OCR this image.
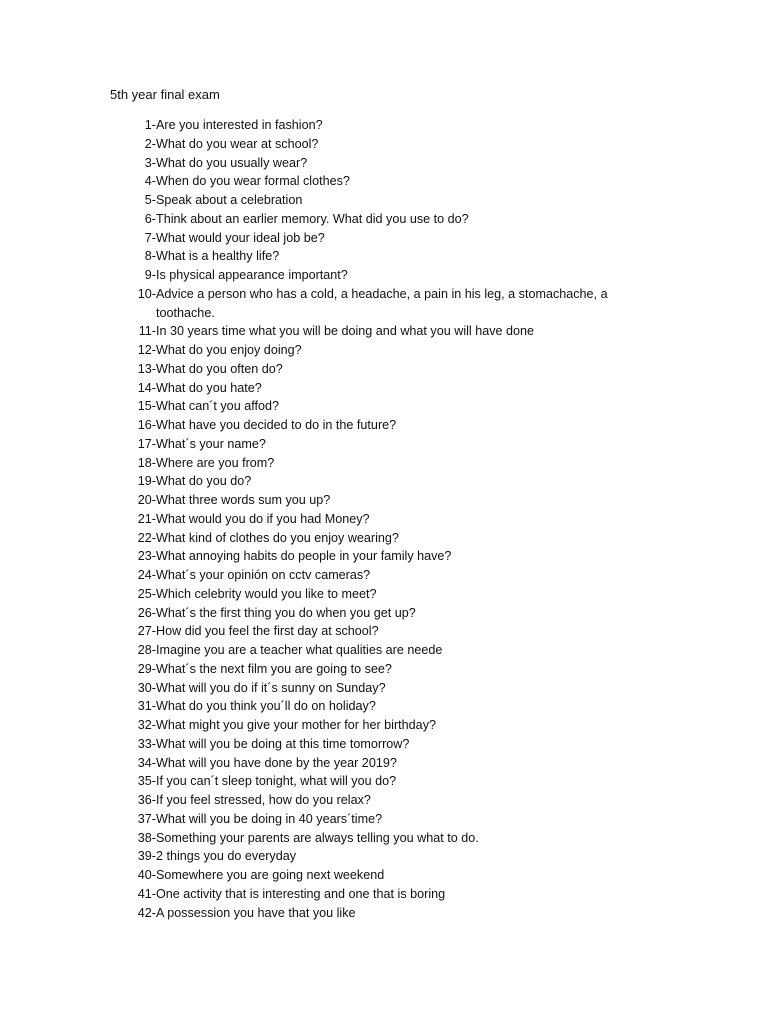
5th year final exam
1- Are you interested in fashion?
2- What do you wear at school?
3- What do you usually wear?
4- When do you wear formal clothes?
5- Speak about a celebration
6- Think about an earlier memory. What did you use to do?
7- What would your ideal job be?
8- What is a healthy life?
9- Is physical appearance important?
10- Advice a person who has a cold, a headache, a pain in his leg, a stomachache, a toothache.
11- In 30 years time what you will be doing and what you will have done
12- What do you enjoy doing?
13- What do you often do?
14- What do you hate?
15- What can´t you affod?
16- What have you decided to do in the future?
17- What´s your name?
18- Where are you from?
19- What do you do?
20- What three words sum you up?
21- What would you do if you had Money?
22- What kind of clothes do you enjoy wearing?
23- What annoying habits do people in your family have?
24- What´s your opinión on cctv cameras?
25- Which celebrity would you like to meet?
26- What´s the first thing you do when you get up?
27- How did you feel the first day at school?
28- Imagine you are a teacher what qualities are neede
29- What´s the next film you are going to see?
30- What will you do if it´s sunny on Sunday?
31- What do you think you´ll do on holiday?
32- What might you give your mother for her birthday?
33- What will you be doing at this time tomorrow?
34- What will you have done by the year 2019?
35- If you can´t sleep tonight, what will you do?
36- If you feel stressed, how do you relax?
37- What will you be doing in 40 years´time?
38- Something your parents are always telling you what to do.
39- 2 things you do everyday
40- Somewhere you are going next weekend
41- One activity that is interesting and one that is boring
42- A possession you have that you like
